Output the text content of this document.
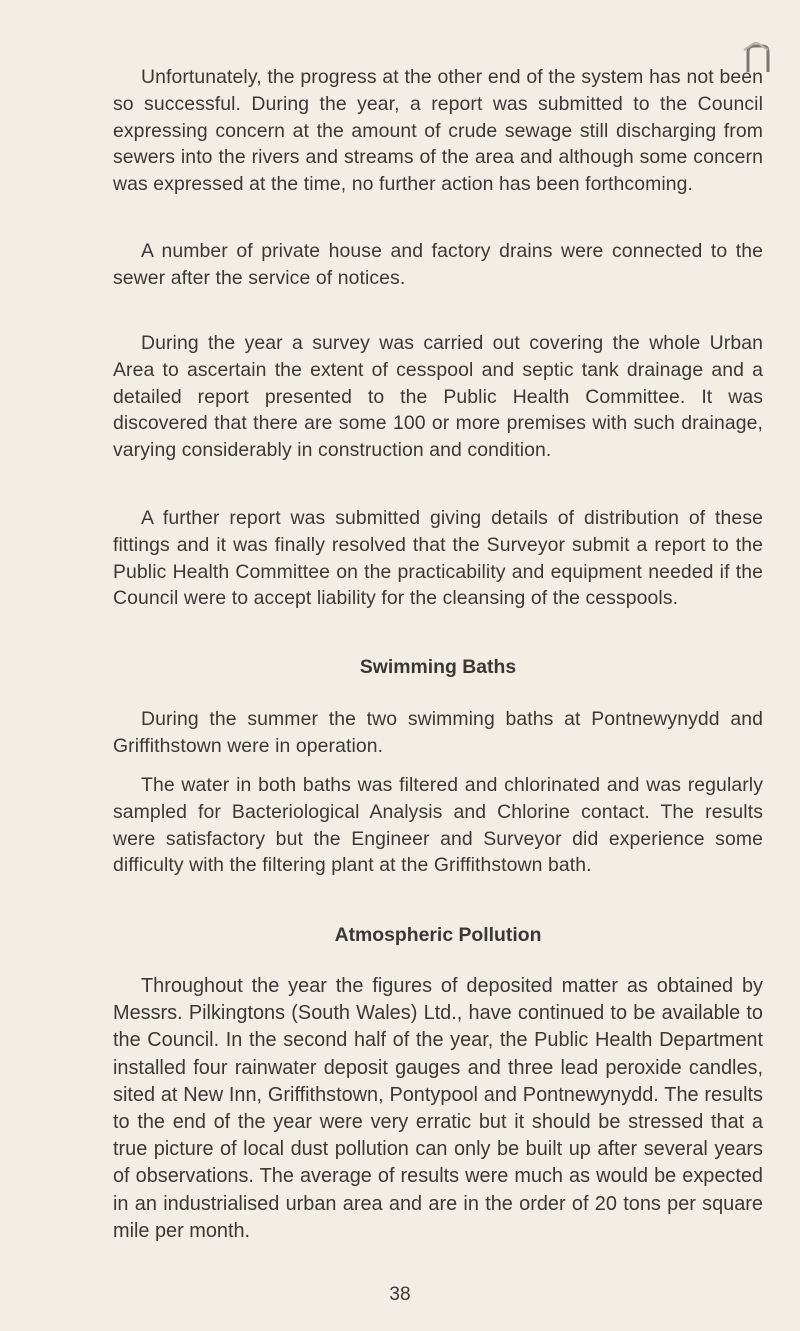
Unfortunately, the progress at the other end of the system has not been so successful. During the year, a report was submitted to the Council expressing concern at the amount of crude sewage still discharging from sewers into the rivers and streams of the area and although some concern was expressed at the time, no further action has been forthcoming.

A number of private house and factory drains were connected to the sewer after the service of notices.

During the year a survey was carried out covering the whole Urban Area to ascertain the extent of cesspool and septic tank drainage and a detailed report presented to the Public Health Committee. It was discovered that there are some 100 or more premises with such drainage, varying considerably in construction and condition.

A further report was submitted giving details of distribution of these fittings and it was finally resolved that the Surveyor submit a report to the Public Health Committee on the practicability and equipment needed if the Council were to accept liability for the cleansing of the cesspools.

Swimming Baths

During the summer the two swimming baths at Pontnewynydd and Griffithstown were in operation.

The water in both baths was filtered and chlorinated and was regularly sampled for Bacteriological Analysis and Chlorine contact. The results were satisfactory but the Engineer and Surveyor did experience some difficulty with the filtering plant at the Griffithstown bath.

Atmospheric Pollution

Throughout the year the figures of deposited matter as obtained by Messrs. Pilkingtons (South Wales) Ltd., have continued to be available to the Council. In the second half of the year, the Public Health Department installed four rainwater deposit gauges and three lead peroxide candles, sited at New Inn, Griffithstown, Pontypool and Pontnewynydd. The results to the end of the year were very erratic but it should be stressed that a true picture of local dust pollution can only be built up after several years of observations. The average of results were much as would be expected in an industrialised urban area and are in the order of 20 tons per square mile per month.

38
